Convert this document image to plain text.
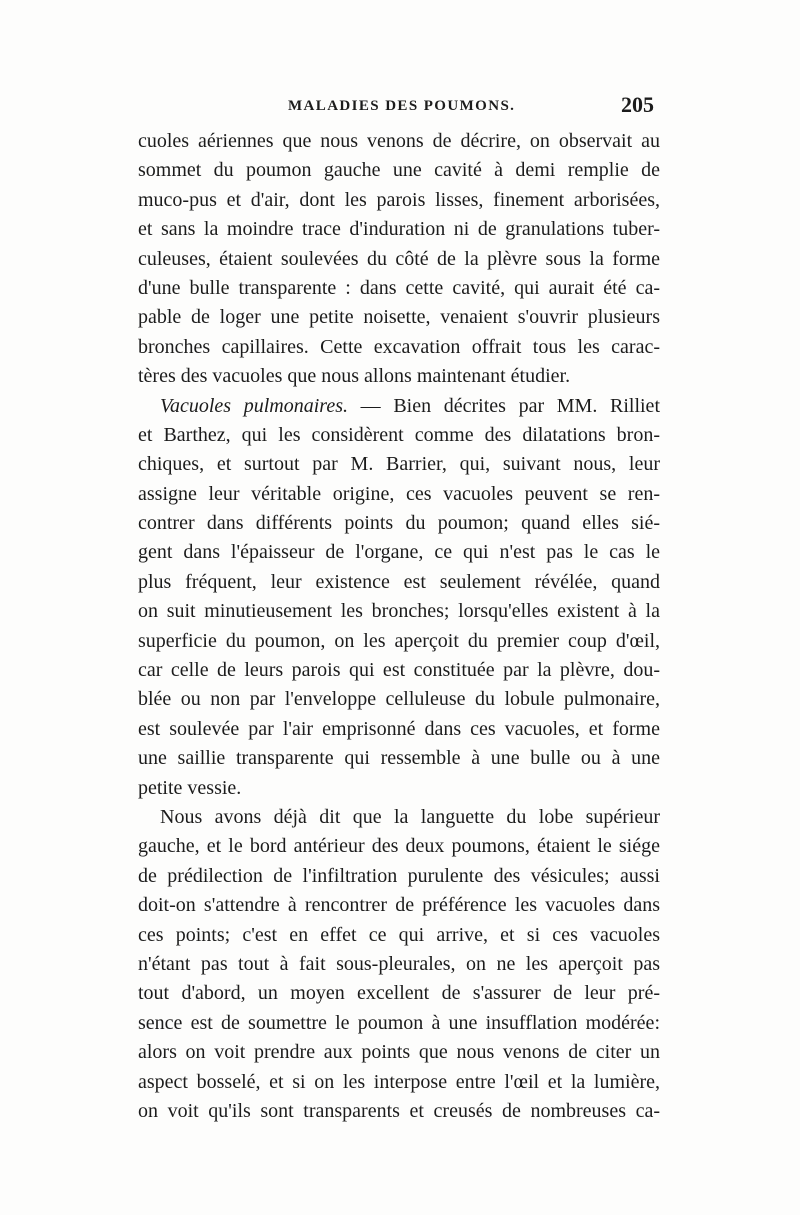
MALADIES DES POUMONS.	205
cuoles aériennes que nous venons de décrire, on observait au
sommet du poumon gauche une cavité à demi remplie de
muco-pus et d'air, dont les parois lisses, finement arborisées,
et sans la moindre trace d'induration ni de granulations tuber-
culeuses, étaient soulevées du côté de la plèvre sous la forme
d'une bulle transparente : dans cette cavité, qui aurait été ca-
pable de loger une petite noisette, venaient s'ouvrir plusieurs
bronches capillaires. Cette excavation offrait tous les carac-
tères des vacuoles que nous allons maintenant étudier.
Vacuoles pulmonaires. — Bien décrites par MM. Rilliet
et Barthez, qui les considèrent comme des dilatations bron-
chiques, et surtout par M. Barrier, qui, suivant nous, leur
assigne leur véritable origine, ces vacuoles peuvent se ren-
contrer dans différents points du poumon; quand elles sié-
gent dans l'épaisseur de l'organe, ce qui n'est pas le cas le
plus fréquent, leur existence est seulement révélée, quand
on suit minutieusement les bronches; lorsqu'elles existent à la
superficie du poumon, on les aperçoit du premier coup d'œil,
car celle de leurs parois qui est constituée par la plèvre, dou-
blée ou non par l'enveloppe celluleuse du lobule pulmonaire,
est soulevée par l'air emprisonné dans ces vacuoles, et forme
une saillie transparente qui ressemble à une bulle ou à une
petite vessie.
Nous avons déjà dit que la languette du lobe supérieur
gauche, et le bord antérieur des deux poumons, étaient le siége
de prédilection de l'infiltration purulente des vésicules; aussi
doit-on s'attendre à rencontrer de préférence les vacuoles dans
ces points; c'est en effet ce qui arrive, et si ces vacuoles
n'étant pas tout à fait sous-pleurales, on ne les aperçoit pas
tout d'abord, un moyen excellent de s'assurer de leur pré-
sence est de soumettre le poumon à une insufflation modérée:
alors on voit prendre aux points que nous venons de citer un
aspect bosselé, et si on les interpose entre l'œil et la lumière,
on voit qu'ils sont transparents et creusés de nombreuses ca-
